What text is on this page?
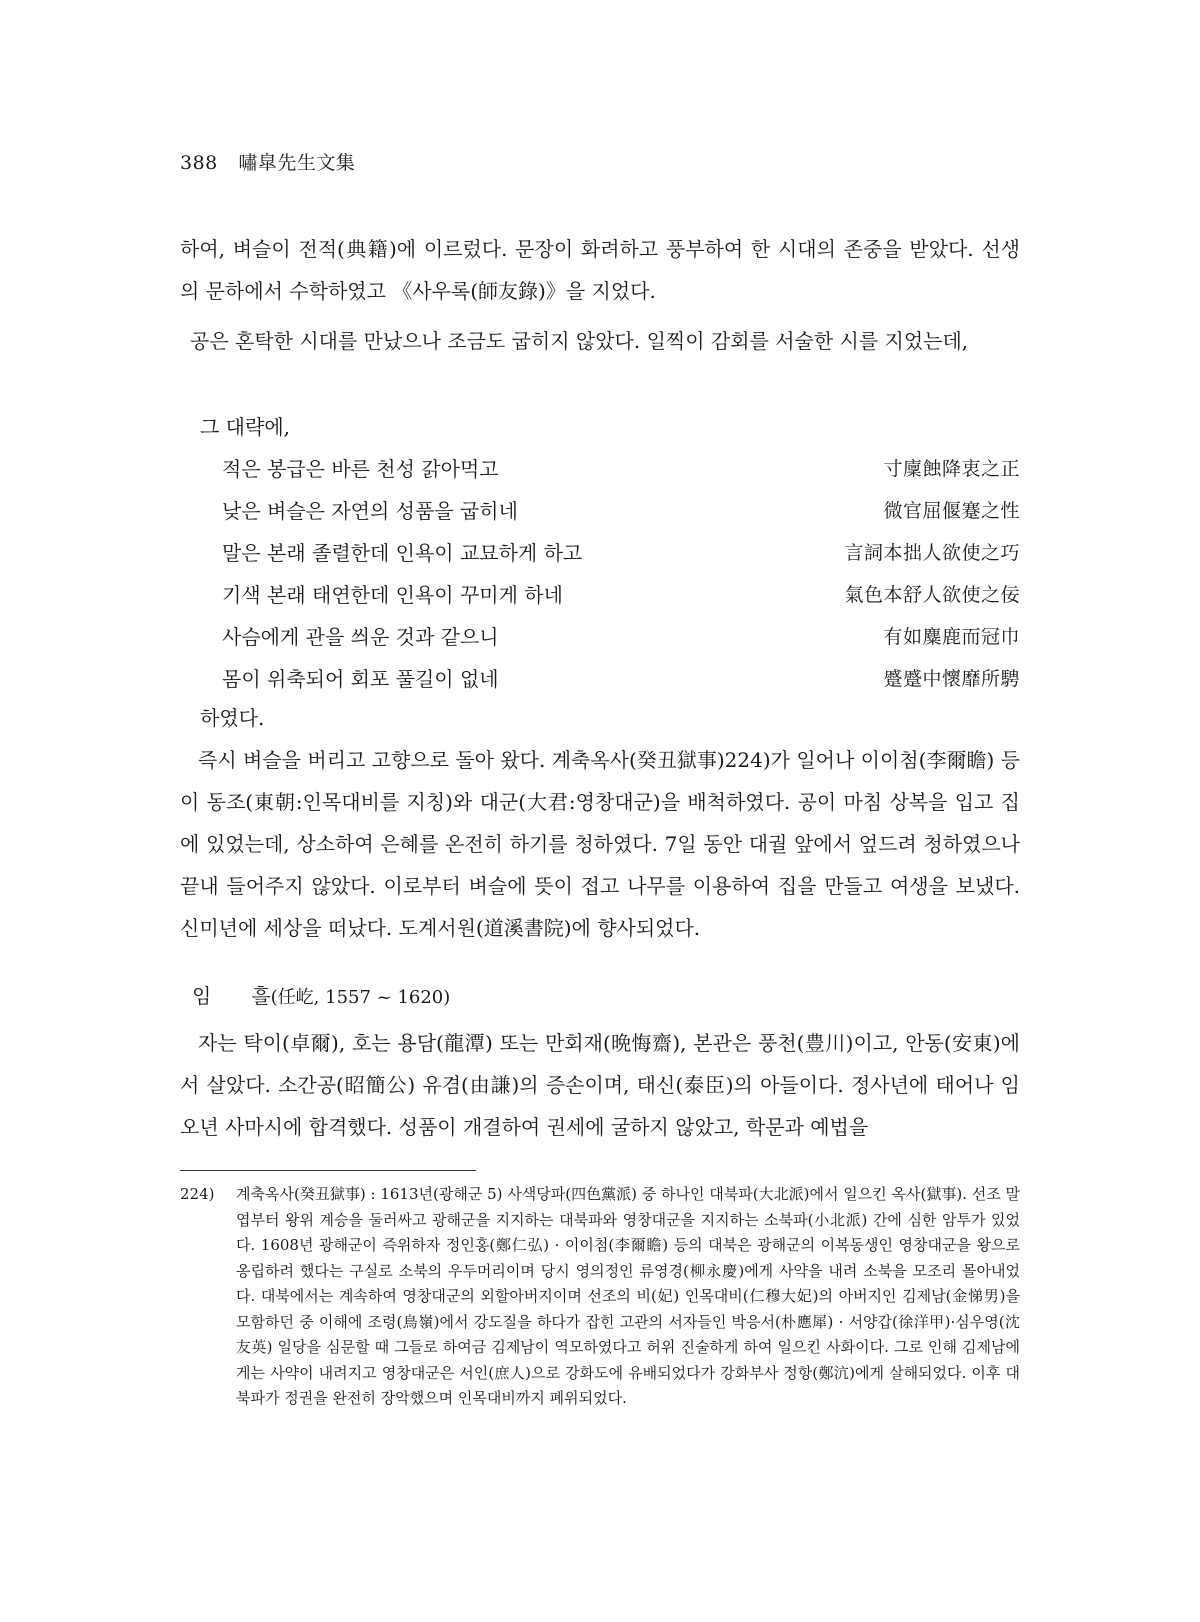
388 嘯皐先生文集
하여, 벼슬이 전적(典籍)에 이르렀다. 문장이 화려하고 풍부하여 한 시대의 존중을 받았다. 선생의 문하에서 수학하였고 《사우록(師友錄)》을 지었다.
공은 혼탁한 시대를 만났으나 조금도 굽히지 않았다. 일찍이 감회를 서술한 시를 지었는데,
그 대략에,
적은 봉급은 바른 천성 갉아먹고	寸廩蝕降衷之正
낮은 벼슬은 자연의 성품을 굽히네	微官屈偃蹇之性
말은 본래 졸렬한데 인욕이 교묘하게 하고	言詞本拙人欲使之巧
기색 본래 태연한데 인욕이 꾸미게 하네	氣色本舒人欲使之佞
사슴에게 관을 씌운 것과 같으니	有如麋鹿而冠巾
몸이 위축되어 회포 풀길이 없네	蹙蹙中懷靡所騁
하였다.
즉시 벼슬을 버리고 고향으로 돌아 왔다. 계축옥사(癸丑獄事)224)가 일어나 이이첨(李爾瞻) 등이 동조(東朝:인목대비를 지칭)와 대군(大君:영창대군)을 배척하였다. 공이 마침 상복을 입고 집에 있었는데, 상소하여 은혜를 온전히 하기를 청하였다. 7일 동안 대궐 앞에서 엎드려 청하였으나 끝내 들어주지 않았다. 이로부터 벼슬에 뜻이 접고 나무를 이용하여 집을 만들고 여생을 보냈다. 신미년에 세상을 떠났다. 도계서원(道溪書院)에 향사되었다.
임 흘(任屹, 1557 ~ 1620)
자는 탁이(卓爾), 호는 용담(龍潭) 또는 만회재(晩悔齋), 본관은 풍천(豊川)이고, 안동(安東)에서 살았다. 소간공(昭簡公) 유겸(由謙)의 증손이며, 태신(泰臣)의 아들이다. 정사년에 태어나 임오년 사마시에 합격했다. 성품이 개결하여 권세에 굴하지 않았고, 학문과 예법을
224) 계축옥사(癸丑獄事) : 1613년(광해군 5) 사색당파(四色黨派) 중 하나인 대북파(大北派)에서 일으킨 옥사(獄事). 선조 말엽부터 왕위 계승을 둘러싸고 광해군을 지지하는 대북파와 영창대군을 지지하는 소북파(小北派) 간에 심한 암투가 있었다. 1608년 광해군이 즉위하자 정인홍(鄭仁弘) · 이이첨(李爾瞻) 등의 대북은 광해군의 이복동생인 영창대군을 왕으로 옹립하려 했다는 구실로 소북의 우두머리이며 당시 영의정인 류영경(柳永慶)에게 사약을 내려 소북을 모조리 몰아내었다. 대북에서는 계속하여 영창대군의 외할아버지이며 선조의 비(妃) 인목대비(仁穆大妃)의 아버지인 김제남(金悌男)을 모함하던 중 이해에 조령(鳥嶺)에서 강도질을 하다가 잡힌 고관의 서자들인 박응서(朴應犀) · 서양갑(徐洋甲)·심우영(沈友英) 일당을 심문할 때 그들로 하여금 김제남이 역모하였다고 허위 진술하게 하여 일으킨 사화이다. 그로 인해 김제남에게는 사약이 내려지고 영창대군은 서인(庶人)으로 강화도에 유배되었다가 강화부사 정항(鄭沆)에게 살해되었다. 이후 대북파가 정권을 완전히 장악했으며 인목대비까지 폐위되었다.
